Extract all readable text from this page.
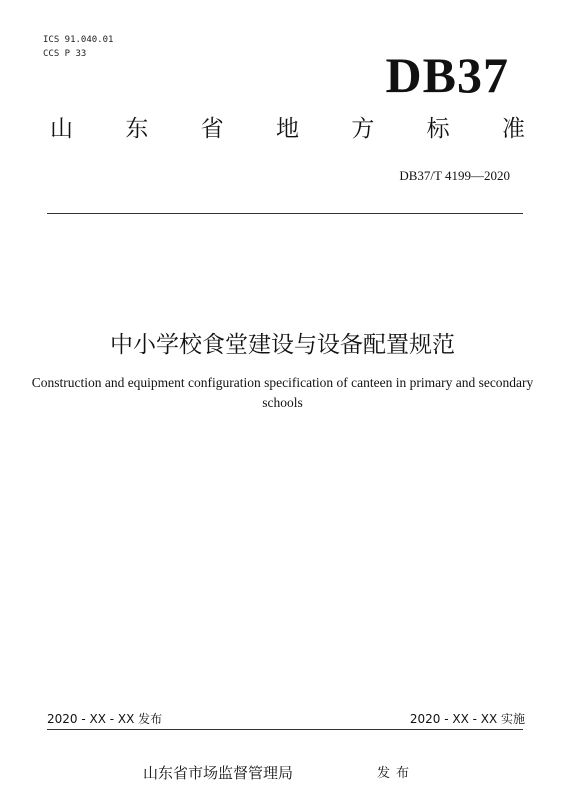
ICS 91.040.01
CCS P 33	DB37
山 东 省 地 方 标 准
DB37/T 4199—2020
中小学校食堂建设与设备配置规范
Construction and equipment configuration specification of canteen in primary and secondary schools
2020 - XX - XX 发布	2020 - XX - XX 实施
山东省市场监督管理局	发布
